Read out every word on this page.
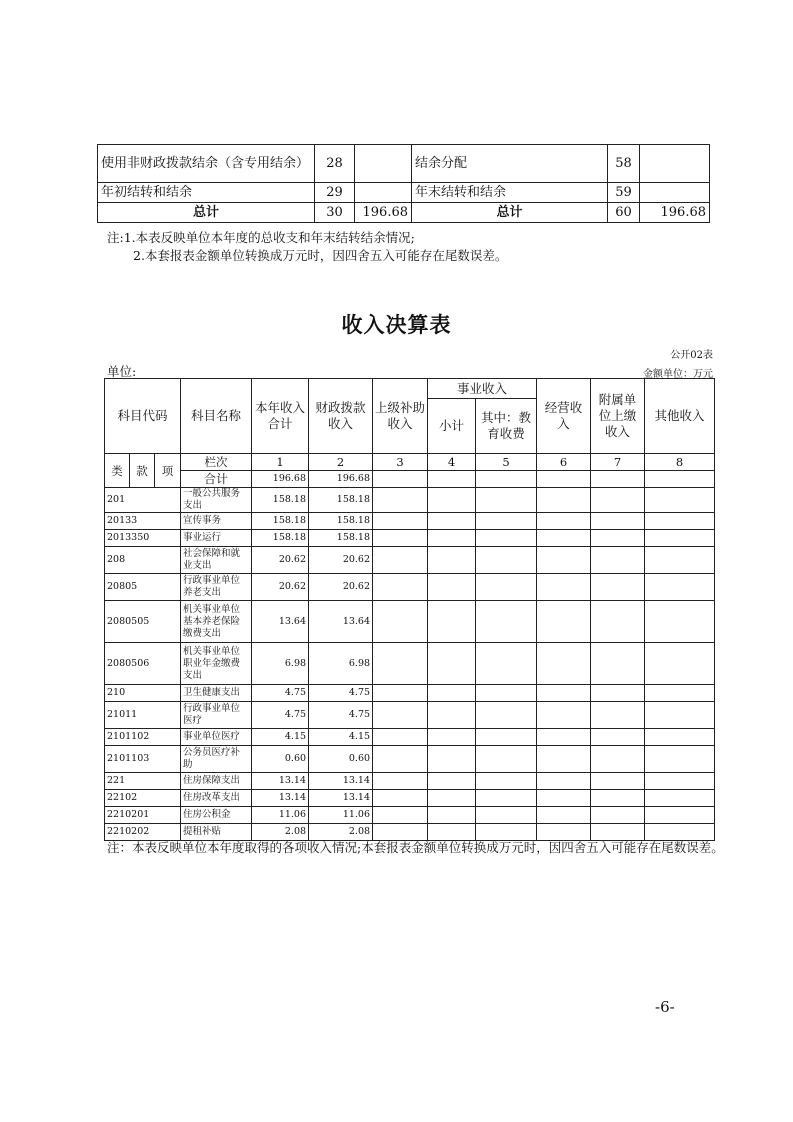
使用非财政拨款结余（含专用结余）	28		结余分配	58	
年初结转和结余	29		年末结转和结余	59	
总计	30	196.68	总计	60	196.68
注:1.本表反映单位本年度的总收支和年末结转结余情况;
2.本套报表金额单位转换成万元时，因四舍五入可能存在尾数误差。
收入决算表
公开02表
单位:	金额单位：万元
科目代码			科目名称	本年收入合计	财政拨款收入	上级补助收入	事业收入		经营收入	附属单位上缴收入	其他收入
							小计	其中：教育收费			
类	款	项	栏次	1	2	3	4	5	6	7	8
			合计	196.68	196.68						
201			一般公共服务支出	158.18	158.18						
20133			宣传事务	158.18	158.18						
2013350			事业运行	158.18	158.18						
208			社会保障和就业支出	20.62	20.62						
20805			行政事业单位养老支出	20.62	20.62						
2080505			机关事业单位基本养老保险缴费支出	13.64	13.64						
2080506			机关事业单位职业年金缴费支出	6.98	6.98						
210			卫生健康支出	4.75	4.75						
21011			行政事业单位医疗	4.75	4.75						
2101102			事业单位医疗	4.15	4.15						
2101103			公务员医疗补助	0.60	0.60						
221			住房保障支出	13.14	13.14						
22102			住房改革支出	13.14	13.14						
2210201			住房公积金	11.06	11.06						
2210202			提租补贴	2.08	2.08						
注：本表反映单位本年度取得的各项收入情况;本套报表金额单位转换成万元时，因四舍五入可能存在尾数误差。
-6-
